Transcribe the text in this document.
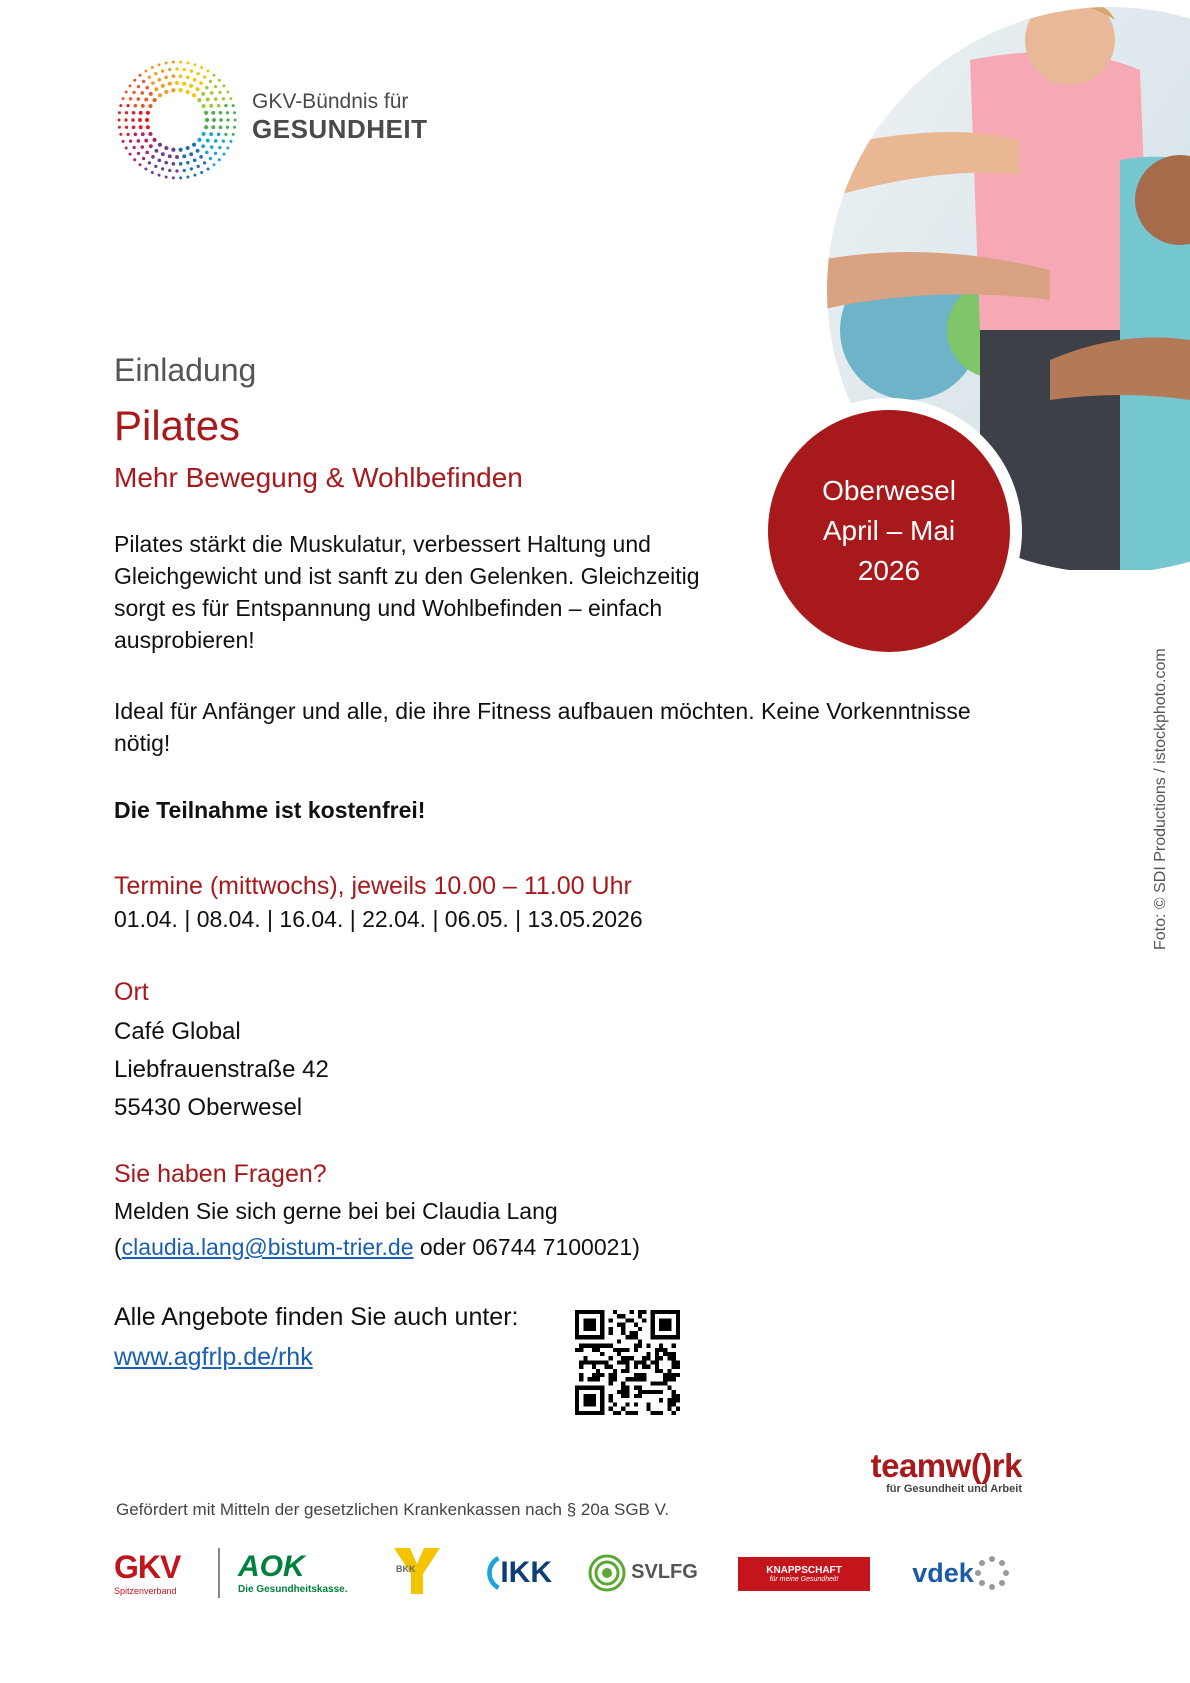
GKV-Bündnis für
GESUNDHEIT
Oberwesel
April – Mai
2026
Foto: © SDI Productions / istockphoto.com
Einladung
Pilates
Mehr Bewegung & Wohlbefinden
Pilates stärkt die Muskulatur, verbessert Haltung und
Gleichgewicht und ist sanft zu den Gelenken. Gleichzeitig
sorgt es für Entspannung und Wohlbefinden – einfach
ausprobieren!
Ideal für Anfänger und alle, die ihre Fitness aufbauen möchten. Keine Vorkenntnisse
nötig!
Die Teilnahme ist kostenfrei!
Termine (mittwochs), jeweils 10.00 – 11.00 Uhr
01.04. | 08.04. | 16.04. | 22.04. | 06.05. | 13.05.2026
Ort
Café Global
Liebfrauenstraße 42
55430 Oberwesel
Sie haben Fragen?
Melden Sie sich gerne bei bei Claudia Lang
(claudia.lang@bistum-trier.de oder 06744 7100021)
Alle Angebote finden Sie auch unter:
www.agfrlp.de/rhk
teamw()rk
für Gesundheit und Arbeit
Gefördert mit Mitteln der gesetzlichen Krankenkassen nach § 20a SGB V.
GKV
Spitzenverband
AOK
Die Gesundheitskasse.
BKK	IKK	SVLFG	KNAPPSCHAFT
für meine Gesundheit!	vdek
